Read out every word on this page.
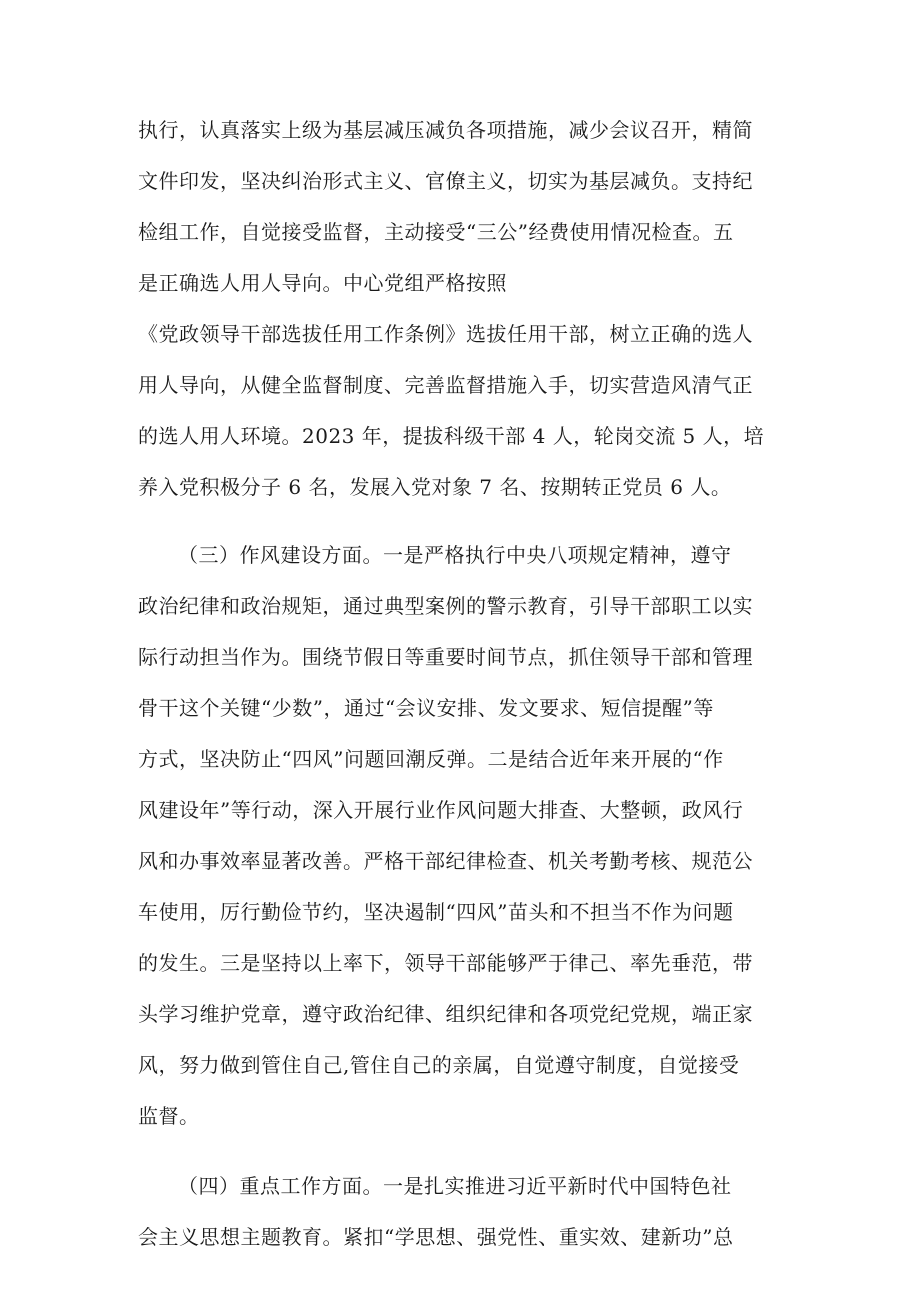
执行，认真落实上级为基层减压减负各项措施，减少会议召开，精简

文件印发，坚决纠治形式主义、官僚主义，切实为基层减负。支持纪

检组工作，自觉接受监督，主动接受“三公”经费使用情况检查。五

是正确选人用人导向。中心党组严格按照

《党政领导干部选拔任用工作条例》选拔任用干部，树立正确的选人

用人导向，从健全监督制度、完善监督措施入手，切实营造风清气正

的选人用人环境。2023 年，提拔科级干部 4 人，轮岗交流 5 人，培

养入党积极分子 6 名，发展入党对象 7 名、按期转正党员 6 人。

（三）作风建设方面。一是严格执行中央八项规定精神，遵守

政治纪律和政治规矩，通过典型案例的警示教育，引导干部职工以实

际行动担当作为。围绕节假日等重要时间节点，抓住领导干部和管理

骨干这个关键“少数”，通过“会议安排、发文要求、短信提醒”等

方式，坚决防止“四风”问题回潮反弹。二是结合近年来开展的“作

风建设年”等行动，深入开展行业作风问题大排查、大整顿，政风行

风和办事效率显著改善。严格干部纪律检查、机关考勤考核、规范公

车使用，厉行勤俭节约，坚决遏制“四风”苗头和不担当不作为问题

的发生。三是坚持以上率下，领导干部能够严于律己、率先垂范，带

头学习维护党章，遵守政治纪律、组织纪律和各项党纪党规，端正家

风，努力做到管住自己,管住自己的亲属，自觉遵守制度，自觉接受

监督。

（四）重点工作方面。一是扎实推进习近平新时代中国特色社

会主义思想主题教育。紧扣“学思想、强党性、重实效、建新功”总
